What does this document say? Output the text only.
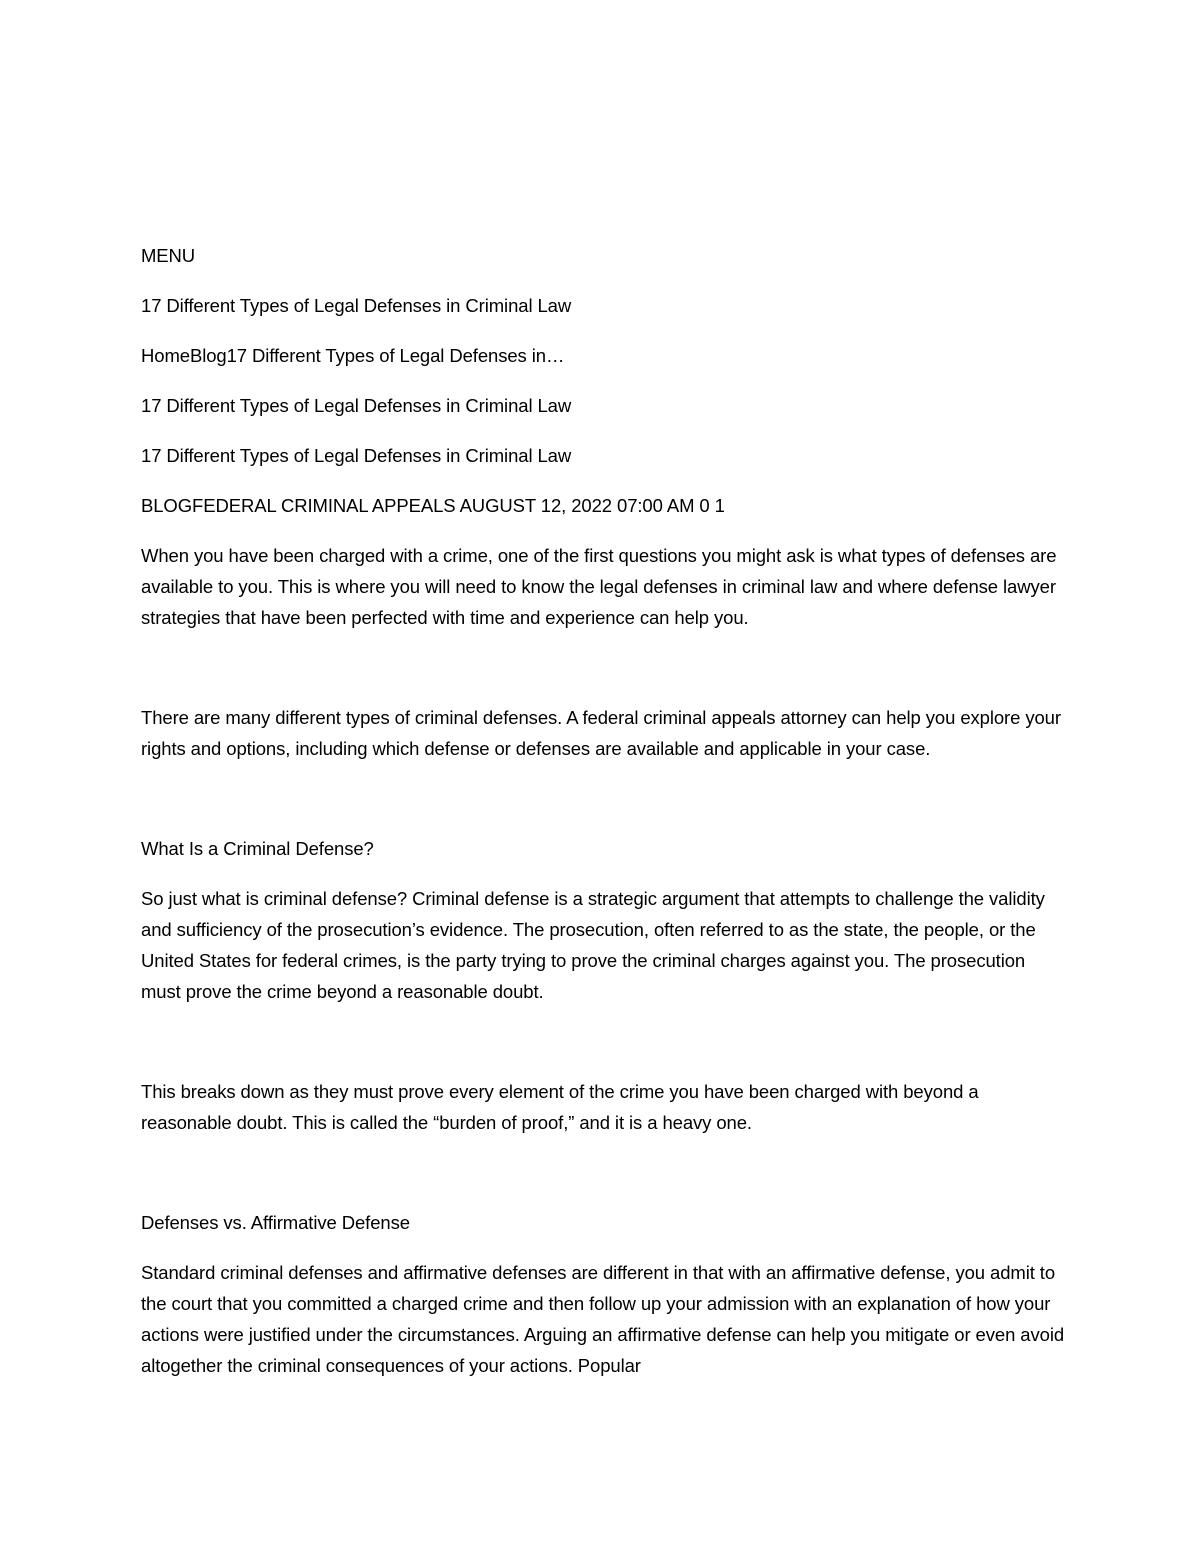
MENU
17 Different Types of Legal Defenses in Criminal Law
HomeBlog17 Different Types of Legal Defenses in…
17 Different Types of Legal Defenses in Criminal Law
17 Different Types of Legal Defenses in Criminal Law
BLOGFEDERAL CRIMINAL APPEALS AUGUST 12, 2022 07:00 AM 0 1
When you have been charged with a crime, one of the first questions you might ask is what types of defenses are available to you. This is where you will need to know the legal defenses in criminal law and where defense lawyer strategies that have been perfected with time and experience can help you.
There are many different types of criminal defenses. A federal criminal appeals attorney can help you explore your rights and options, including which defense or defenses are available and applicable in your case.
What Is a Criminal Defense?
So just what is criminal defense? Criminal defense is a strategic argument that attempts to challenge the validity and sufficiency of the prosecution’s evidence. The prosecution, often referred to as the state, the people, or the United States for federal crimes, is the party trying to prove the criminal charges against you. The prosecution must prove the crime beyond a reasonable doubt.
This breaks down as they must prove every element of the crime you have been charged with beyond a reasonable doubt. This is called the “burden of proof,” and it is a heavy one.
Defenses vs. Affirmative Defense
Standard criminal defenses and affirmative defenses are different in that with an affirmative defense, you admit to the court that you committed a charged crime and then follow up your admission with an explanation of how your actions were justified under the circumstances. Arguing an affirmative defense can help you mitigate or even avoid altogether the criminal consequences of your actions. Popular
